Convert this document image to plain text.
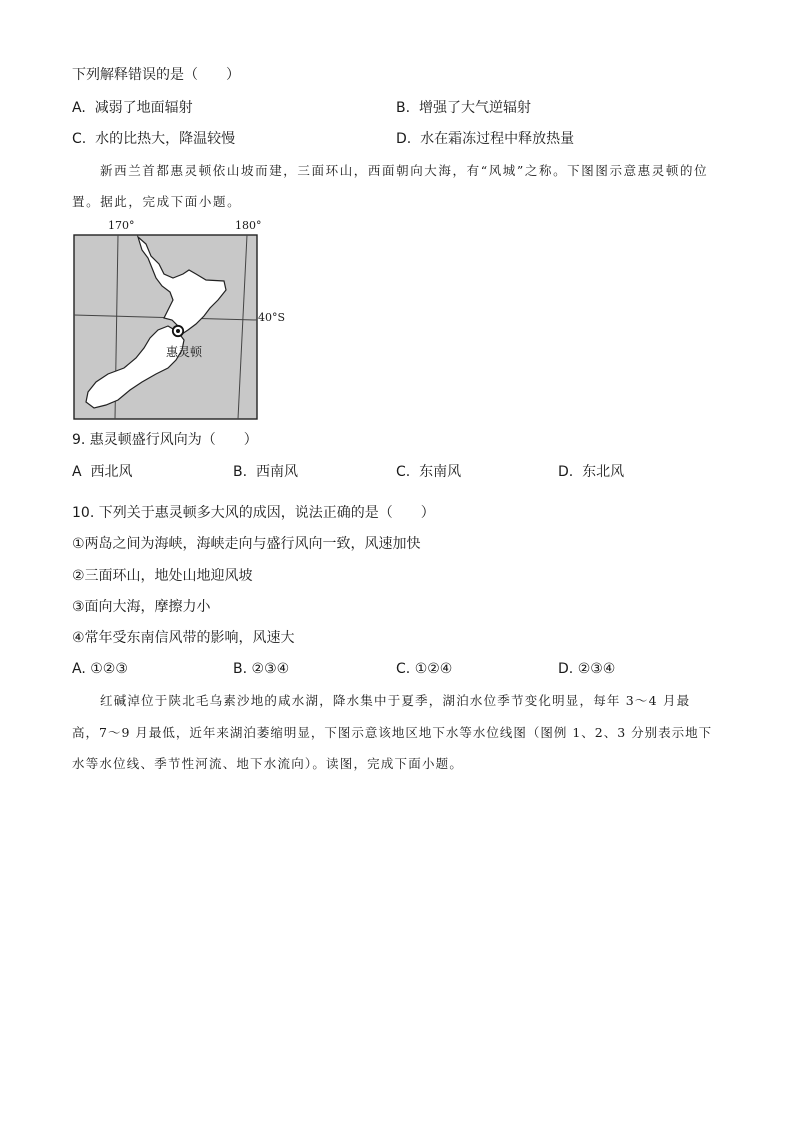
下列解释错误的是（　　）
A. 减弱了地面辐射	B. 增强了大气逆辐射
C. 水的比热大，降温较慢	D. 水在霜冻过程中释放热量
新西兰首都惠灵顿依山坡而建，三面环山，西面朝向大海，有“风城”之称。下图图示意惠灵顿的位
置。据此，完成下面小题。
170°	180°
40°S
惠灵顿
9. 惠灵顿盛行风向为（　　）
A 西北风	B. 西南风	C. 东南风	D. 东北风
10. 下列关于惠灵顿多大风的成因，说法正确的是（　　）
①两岛之间为海峡，海峡走向与盛行风向一致，风速加快
②三面环山，地处山地迎风坡
③面向大海，摩擦力小
④常年受东南信风带的影响，风速大
A. ①②③	B. ②③④	C. ①②④	D. ②③④
红碱淖位于陕北毛乌素沙地的咸水湖，降水集中于夏季，湖泊水位季节变化明显，每年 3～4 月最
高，7～9 月最低，近年来湖泊萎缩明显，下图示意该地区地下水等水位线图（图例 1、2、3 分别表示地下
水等水位线、季节性河流、地下水流向）。读图，完成下面小题。
